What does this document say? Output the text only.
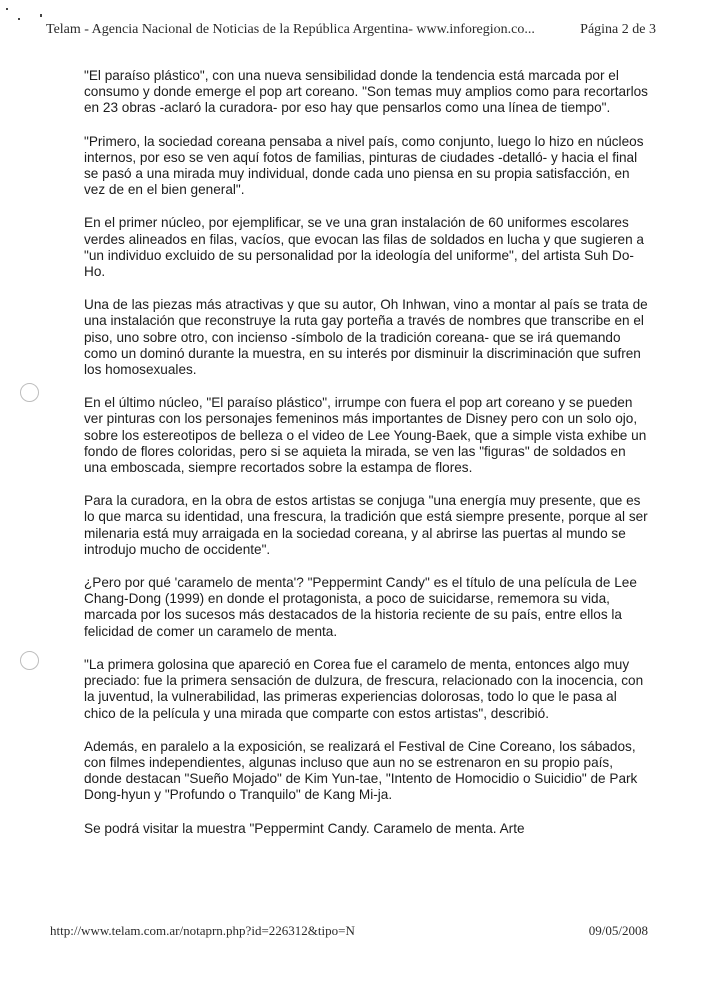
Telam - Agencia Nacional de Noticias de la República Argentina- www.inforegion.co...	Página 2 de 3

"El paraíso plástico", con una nueva sensibilidad donde la tendencia está marcada por el consumo y donde emerge el pop art coreano. "Son temas muy amplios como para recortarlos en 23 obras -aclaró la curadora- por eso hay que pensarlos como una línea de tiempo".

"Primero, la sociedad coreana pensaba a nivel país, como conjunto, luego lo hizo en núcleos internos, por eso se ven aquí fotos de familias, pinturas de ciudades -detalló- y hacia el final se pasó a una mirada muy individual, donde cada uno piensa en su propia satisfacción, en vez de en el bien general".

En el primer núcleo, por ejemplificar, se ve una gran instalación de 60 uniformes escolares verdes alineados en filas, vacíos, que evocan las filas de soldados en lucha y que sugieren a "un individuo excluido de su personalidad por la ideología del uniforme", del artista Suh Do-Ho.

Una de las piezas más atractivas y que su autor, Oh Inhwan, vino a montar al país se trata de una instalación que reconstruye la ruta gay porteña a través de nombres que transcribe en el piso, uno sobre otro, con incienso -símbolo de la tradición coreana- que se irá quemando como un dominó durante la muestra, en su interés por disminuir la discriminación que sufren los homosexuales.

En el último núcleo, "El paraíso plástico", irrumpe con fuera el pop art coreano y se pueden ver pinturas con los personajes femeninos más importantes de Disney pero con un solo ojo, sobre los estereotipos de belleza o el video de Lee Young-Baek, que a simple vista exhibe un fondo de flores coloridas, pero si se aquieta la mirada, se ven las "figuras" de soldados en una emboscada, siempre recortados sobre la estampa de flores.

Para la curadora, en la obra de estos artistas se conjuga "una energía muy presente, que es lo que marca su identidad, una frescura, la tradición que está siempre presente, porque al ser milenaria está muy arraigada en la sociedad coreana, y al abrirse las puertas al mundo se introdujo mucho de occidente".

¿Pero por qué 'caramelo de menta'? "Peppermint Candy" es el título de una película de Lee Chang-Dong (1999) en donde el protagonista, a poco de suicidarse, rememora su vida, marcada por los sucesos más destacados de la historia reciente de su país, entre ellos la felicidad de comer un caramelo de menta.

"La primera golosina que apareció en Corea fue el caramelo de menta, entonces algo muy preciado: fue la primera sensación de dulzura, de frescura, relacionado con la inocencia, con la juventud, la vulnerabilidad, las primeras experiencias dolorosas, todo lo que le pasa al chico de la película y una mirada que comparte con estos artistas", describió.

Además, en paralelo a la exposición, se realizará el Festival de Cine Coreano, los sábados, con filmes independientes, algunas incluso que aun no se estrenaron en su propio país, donde destacan "Sueño Mojado" de Kim Yun-tae, "Intento de Homocidio o Suicidio" de Park Dong-hyun y "Profundo o Tranquilo" de Kang Mi-ja.

Se podrá visitar la muestra "Peppermint Candy. Caramelo de menta. Arte

http://www.telam.com.ar/notaprn.php?id=226312&tipo=N	09/05/2008
